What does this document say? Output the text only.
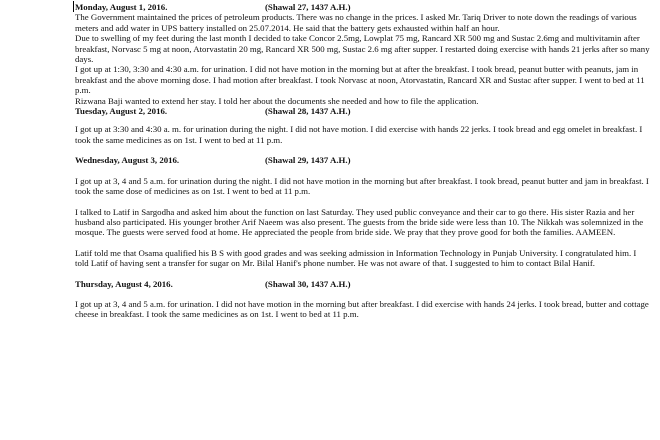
Monday, August 1, 2016.	(Shawal 27, 1437 A.H.)

The Government maintained the prices of petroleum products. There was no change in the prices. I asked Mr. Tariq Driver to note down the readings of various meters and add water in UPS battery installed on 25.07.2014. He said that the battery gets exhausted within half an hour.

Due to swelling of my feet during the last month I decided to take Concor 2.5mg, Lowplat 75 mg, Rancard XR 500 mg and Sustac 2.6mg and multivitamin after breakfast, Norvasc 5 mg at noon, Atorvastatin 20 mg, Rancard XR 500 mg, Sustac 2.6 mg after supper. I restarted doing exercise with hands 21 jerks after so many days.

I got up at 1:30, 3:30 and 4:30 a.m. for urination. I did not have motion in the morning but at after the breakfast. I took bread, peanut butter with peanuts, jam in breakfast and the above morning dose. I had motion after breakfast. I took Norvasc at noon, Atorvastatin, Rancard XR and Sustac after supper. I went to bed at 11 p.m.

Rizwana Baji wanted to extend her stay. I told her about the documents she needed and how to file the application.

Tuesday, August 2, 2016.	(Shawal 28, 1437 A.H.)

I got up at 3:30 and 4:30 a. m. for urination during the night. I did not have motion. I did exercise with hands 22 jerks. I took bread and egg omelet in breakfast. I took the same medicines as on 1st. I went to bed at 11 p.m.

Wednesday, August 3, 2016.	(Shawal 29, 1437 A.H.)

I got up at 3, 4 and 5 a.m. for urination during the night. I did not have motion in the morning but after breakfast. I took bread, peanut butter and jam in breakfast. I took the same dose of medicines as on 1st. I went to bed at 11 p.m.

I talked to Latif in Sargodha and asked him about the function on last Saturday. They used public conveyance and their car to go there. His sister Razia and her husband also participated. His younger brother Arif Naeem was also present. The guests from the bride side were less than 10. The Nikkah was solemnized in the mosque. The guests were served food at home. He appreciated the people from bride side. We pray that they prove good for both the families. AAMEEN.

Latif told me that Osama qualified his B S with good grades and was seeking admission in Information Technology in Punjab University. I congratulated him. I told Latif of having sent a transfer for sugar on Mr. Bilal Hanif's phone number. He was not aware of that. I suggested to him to contact Bilal Hanif.

Thursday, August 4, 2016.	(Shawal 30, 1437 A.H.)

I got up at 3, 4 and 5 a.m. for urination. I did not have motion in the morning but after breakfast. I did exercise with hands 24 jerks. I took bread, butter and cottage cheese in breakfast. I took the same medicines as on 1st. I went to bed at 11 p.m.
